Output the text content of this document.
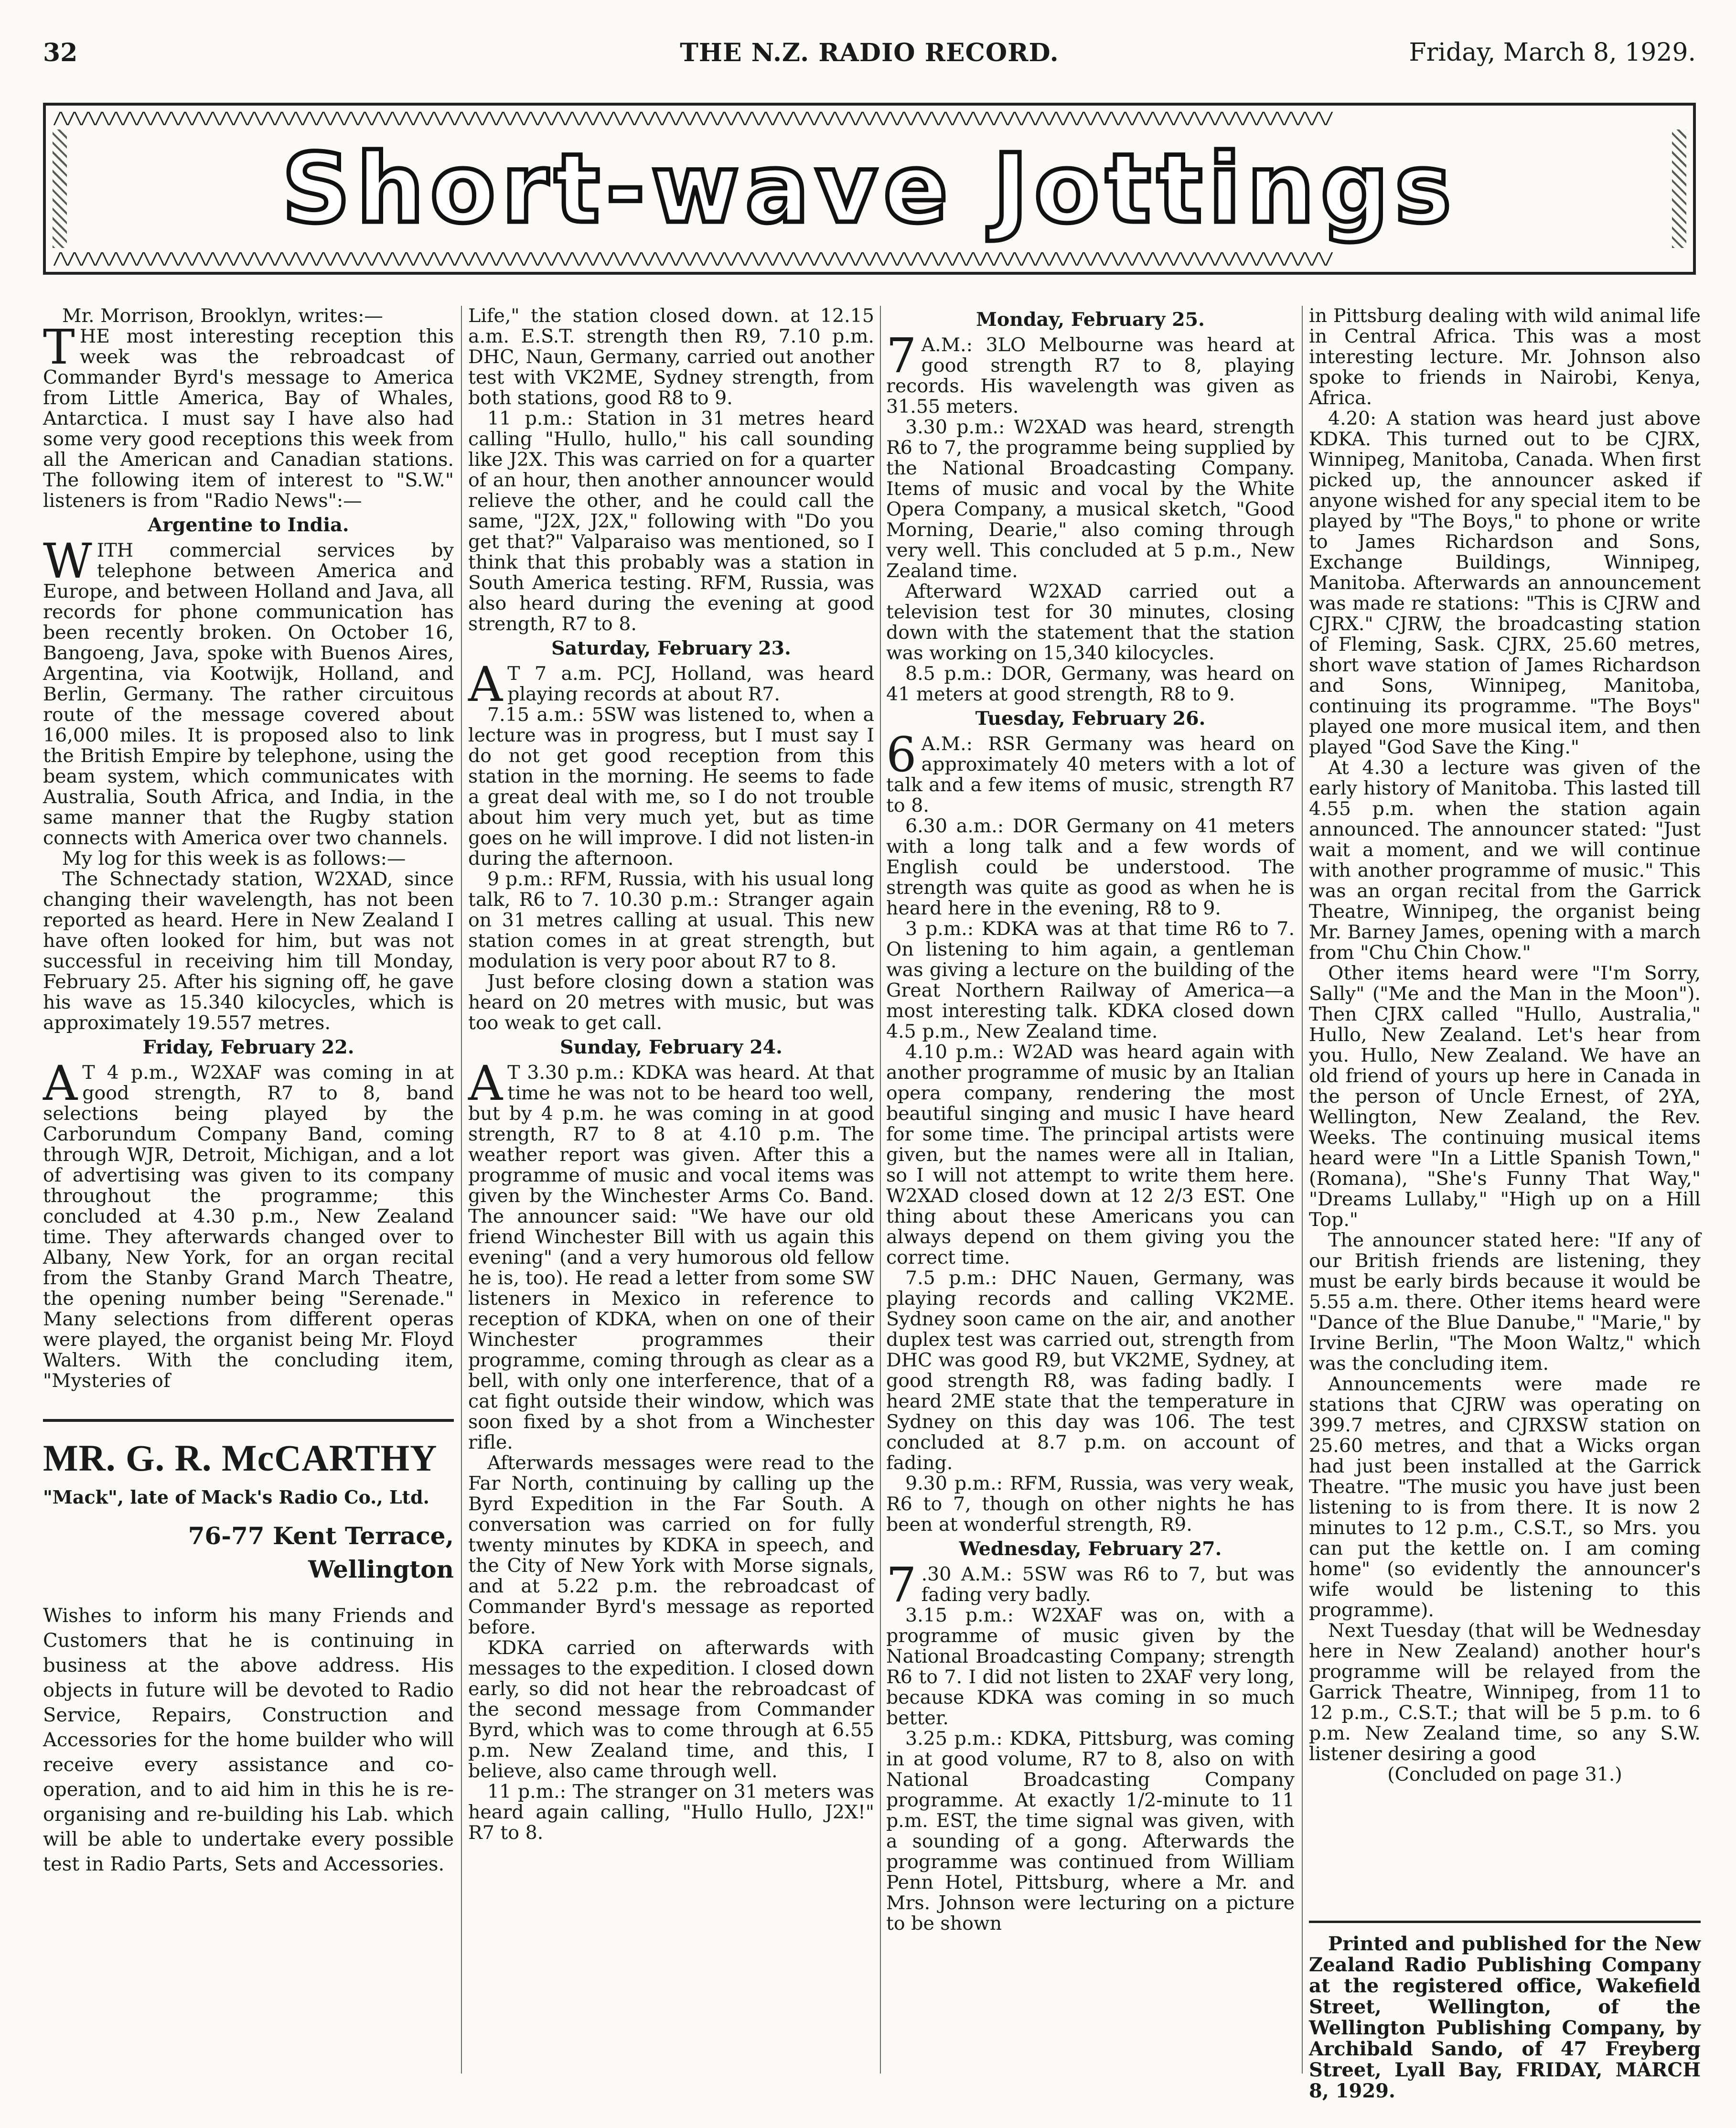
32	THE N.Z. RADIO RECORD.	Friday, March 8, 1929.
/\/\/\/\/\/\/\/\/\/\/\/\/\/\/\/\/\/\/\/\/\/\/\/\/\/\/\/\/\/\/\/\/\/\/\/\/\/\/\/\/\/\/\/\/\/\/\/\/\/\/\/\/\/\/\/\/\/\/\/\/\/\/\/\/\/\/\/\/\/\/\/\/\/\/\/\/\/\/\/\/\/\/\/\/\/\/\/\/\/\/\/\/
Short-wave Jottings
/\/\/\/\/\/\/\/\/\/\/\/\/\/\/\/\/\/\/\/\/\/\/\/\/\/\/\/\/\/\/\/\/\/\/\/\/\/\/\/\/\/\/\/\/\/\/\/\/\/\/\/\/\/\/\/\/\/\/\/\/\/\/\/\/\/\/\/\/\/\/\/\/\/\/\/\/\/\/\/\/\/\/\/\/\/\/\/\/\/\/\/\/

Mr. Morrison, Brooklyn, writes:—

THE most interesting reception this week was the rebroadcast of Commander Byrd's message to America from Little America, Bay of Whales, Antarctica. I must say I have also had some very good receptions this week from all the American and Canadian stations. The following item of interest to "S.W." listeners is from "Radio News":—

Argentine to India.

WITH commercial services by telephone between America and Europe, and between Holland and Java, all records for phone communication has been recently broken. On October 16, Bangoeng, Java, spoke with Buenos Aires, Argentina, via Kootwijk, Holland, and Berlin, Germany. The rather circuitous route of the message covered about 16,000 miles. It is proposed also to link the British Empire by telephone, using the beam system, which communicates with Australia, South Africa, and India, in the same manner that the Rugby station connects with America over two channels.

My log for this week is as follows:—

The Schnectady station, W2XAD, since changing their wavelength, has not been reported as heard. Here in New Zealand I have often looked for him, but was not successful in receiving him till Monday, February 25. After his signing off, he gave his wave as 15.340 kilocycles, which is approximately 19.557 metres.

Friday, February 22.

A T 4 p.m., W2XAF was coming in at good strength, R7 to 8, band selections being played by the Carborundum Company Band, coming through WJR, Detroit, Michigan, and a lot of advertising was given to its company throughout the programme; this concluded at 4.30 p.m., New Zealand time. They afterwards changed over to Albany, New York, for an organ recital from the Stanby Grand March Theatre, the opening number being "Serenade." Many selections from different operas were played, the organist being Mr. Floyd Walters. With the concluding item, "Mysteries of

MR. G. R. McCARTHY
"Mack", late of Mack's Radio Co., Ltd.
76-77 Kent Terrace,
Wellington
Wishes to inform his many Friends and Customers that he is continuing in business at the above address. His objects in future will be devoted to Radio Service, Repairs, Construction and Accessories for the home builder who will receive every assistance and co-operation, and to aid him in this he is re-organising and re-building his Lab. which will be able to undertake every possible test in Radio Parts, Sets and Accessories.

Life," the station closed down. at 12.15 a.m. E.S.T. strength then R9, 7.10 p.m. DHC, Naun, Germany, carried out another test with VK2ME, Sydney strength, from both stations, good R8 to 9.

11 p.m.: Station in 31 metres heard calling "Hullo, hullo," his call sounding like J2X. This was carried on for a quarter of an hour, then another announcer would relieve the other, and he could call the same, "J2X, J2X," following with "Do you get that?" Valparaiso was mentioned, so I think that this probably was a station in South America testing. RFM, Russia, was also heard during the evening at good strength, R7 to 8.

Saturday, February 23.

A T 7 a.m. PCJ, Holland, was heard playing records at about R7.

7.15 a.m.: 5SW was listened to, when a lecture was in progress, but I must say I do not get good reception from this station in the morning. He seems to fade a great deal with me, so I do not trouble about him very much yet, but as time goes on he will improve. I did not listen-in during the afternoon.

9 p.m.: RFM, Russia, with his usual long talk, R6 to 7. 10.30 p.m.: Stranger again on 31 metres calling at usual. This new station comes in at great strength, but modulation is very poor about R7 to 8.

Just before closing down a station was heard on 20 metres with music, but was too weak to get call.

Sunday, February 24.

A T 3.30 p.m.: KDKA was heard. At that time he was not to be heard too well, but by 4 p.m. he was coming in at good strength, R7 to 8 at 4.10 p.m. The weather report was given. After this a programme of music and vocal items was given by the Winchester Arms Co. Band. The announcer said: "We have our old friend Winchester Bill with us again this evening" (and a very humorous old fellow he is, too). He read a letter from some SW listeners in Mexico in reference to reception of KDKA, when on one of their Winchester programmes their programme, coming through as clear as a bell, with only one interference, that of a cat fight outside their window, which was soon fixed by a shot from a Winchester rifle.

Afterwards messages were read to the Far North, continuing by calling up the Byrd Expedition in the Far South. A conversation was carried on for fully twenty minutes by KDKA in speech, and the City of New York with Morse signals, and at 5.22 p.m. the rebroadcast of Commander Byrd's message as reported before.

KDKA carried on afterwards with messages to the expedition. I closed down early, so did not hear the rebroadcast of the second message from Commander Byrd, which was to come through at 6.55 p.m. New Zealand time, and this, I believe, also came through well.

11 p.m.: The stranger on 31 meters was heard again calling, "Hullo Hullo, J2X!" R7 to 8.

Monday, February 25.

7 A.M.: 3LO Melbourne was heard at good strength R7 to 8, playing records. His wavelength was given as 31.55 meters.

3.30 p.m.: W2XAD was heard, strength R6 to 7, the programme being supplied by the National Broadcasting Company. Items of music and vocal by the White Opera Company, a musical sketch, "Good Morning, Dearie," also coming through very well. This concluded at 5 p.m., New Zealand time.

Afterward W2XAD carried out a television test for 30 minutes, closing down with the statement that the station was working on 15,340 kilocycles.

8.5 p.m.: DOR, Germany, was heard on 41 meters at good strength, R8 to 9.

Tuesday, February 26.

6 A.M.: RSR Germany was heard on approximately 40 meters with a lot of talk and a few items of music, strength R7 to 8.

6.30 a.m.: DOR Germany on 41 meters with a long talk and a few words of English could be understood. The strength was quite as good as when he is heard here in the evening, R8 to 9.

3 p.m.: KDKA was at that time R6 to 7. On listening to him again, a gentleman was giving a lecture on the building of the Great Northern Railway of America—a most interesting talk. KDKA closed down 4.5 p.m., New Zealand time.

4.10 p.m.: W2AD was heard again with another programme of music by an Italian opera company, rendering the most beautiful singing and music I have heard for some time. The principal artists were given, but the names were all in Italian, so I will not attempt to write them here. W2XAD closed down at 12 2/3 EST. One thing about these Americans you can always depend on them giving you the correct time.

7.5 p.m.: DHC Nauen, Germany, was playing records and calling VK2ME. Sydney soon came on the air, and another duplex test was carried out, strength from DHC was good R9, but VK2ME, Sydney, at good strength R8, was fading badly. I heard 2ME state that the temperature in Sydney on this day was 106. The test concluded at 8.7 p.m. on account of fading.

9.30 p.m.: RFM, Russia, was very weak, R6 to 7, though on other nights he has been at wonderful strength, R9.

Wednesday, February 27.

7 .30 A.M.: 5SW was R6 to 7, but was fading very badly.

3.15 p.m.: W2XAF was on, with a programme of music given by the National Broadcasting Company; strength R6 to 7. I did not listen to 2XAF very long, because KDKA was coming in so much better.

3.25 p.m.: KDKA, Pittsburg, was coming in at good volume, R7 to 8, also on with National Broadcasting Company programme. At exactly 1/2-minute to 11 p.m. EST, the time signal was given, with a sounding of a gong. Afterwards the programme was continued from William Penn Hotel, Pittsburg, where a Mr. and Mrs. Johnson were lecturing on a picture to be shown

in Pittsburg dealing with wild animal life in Central Africa. This was a most interesting lecture. Mr. Johnson also spoke to friends in Nairobi, Kenya, Africa.

4.20: A station was heard just above KDKA. This turned out to be CJRX, Winnipeg, Manitoba, Canada. When first picked up, the announcer asked if anyone wished for any special item to be played by "The Boys," to phone or write to James Richardson and Sons, Exchange Buildings, Winnipeg, Manitoba. Afterwards an announcement was made re stations: "This is CJRW and CJRX." CJRW, the broadcasting station of Fleming, Sask. CJRX, 25.60 metres, short wave station of James Richardson and Sons, Winnipeg, Manitoba, continuing its programme. "The Boys" played one more musical item, and then played "God Save the King."

At 4.30 a lecture was given of the early history of Manitoba. This lasted till 4.55 p.m. when the station again announced. The announcer stated: "Just wait a moment, and we will continue with another programme of music." This was an organ recital from the Garrick Theatre, Winnipeg, the organist being Mr. Barney James, opening with a march from "Chu Chin Chow."

Other items heard were "I'm Sorry, Sally" ("Me and the Man in the Moon"). Then CJRX called "Hullo, Australia," Hullo, New Zealand. Let's hear from you. Hullo, New Zealand. We have an old friend of yours up here in Canada in the person of Uncle Ernest, of 2YA, Wellington, New Zealand, the Rev. Weeks. The continuing musical items heard were "In a Little Spanish Town," (Romana), "She's Funny That Way," "Dreams Lullaby," "High up on a Hill Top."

The announcer stated here: "If any of our British friends are listening, they must be early birds because it would be 5.55 a.m. there. Other items heard were "Dance of the Blue Danube," "Marie," by Irvine Berlin, "The Moon Waltz," which was the concluding item.

Announcements were made re stations that CJRW was operating on 399.7 metres, and CJRXSW station on 25.60 metres, and that a Wicks organ had just been installed at the Garrick Theatre. "The music you have just been listening to is from there. It is now 2 minutes to 12 p.m., C.S.T., so Mrs. you can put the kettle on. I am coming home" (so evidently the announcer's wife would be listening to this programme).

Next Tuesday (that will be Wednesday here in New Zealand) another hour's programme will be relayed from the Garrick Theatre, Winnipeg, from 11 to 12 p.m., C.S.T.; that will be 5 p.m. to 6 p.m. New Zealand time, so any S.W. listener desiring a good

(Concluded on page 31.)

Printed and published for the New Zealand Radio Publishing Company at the registered office, Wakefield Street, Wellington, of the Wellington Publishing Company, by Archibald Sando, of 47 Freyberg Street, Lyall Bay, FRIDAY, MARCH 8, 1929.
